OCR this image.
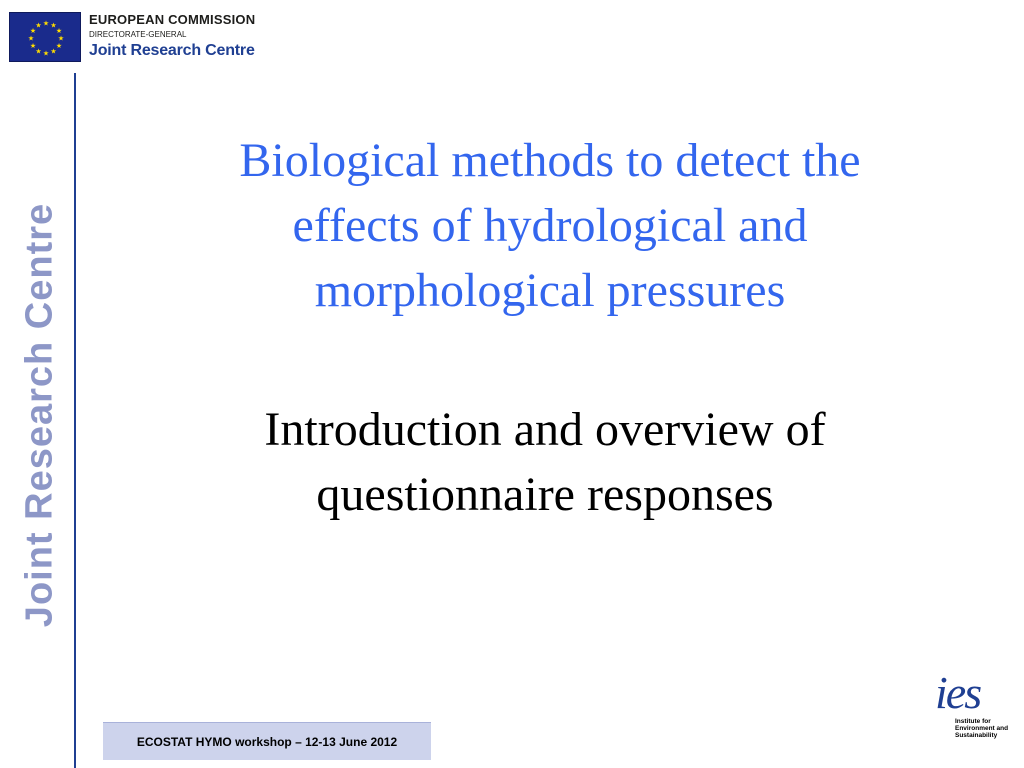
★ ★
★
★
★
★
★
★
★
★
★
★	EUROPEAN COMMISSION
DIRECTORATE-GENERAL
Joint Research Centre
Joint Research Centre
Biological methods to detect the
effects of hydrological and
morphological pressures
Introduction and overview of
questionnaire responses
ECOSTAT HYMO workshop – 12-13 June 2012
ies
Institute for
Environment and
Sustainability
